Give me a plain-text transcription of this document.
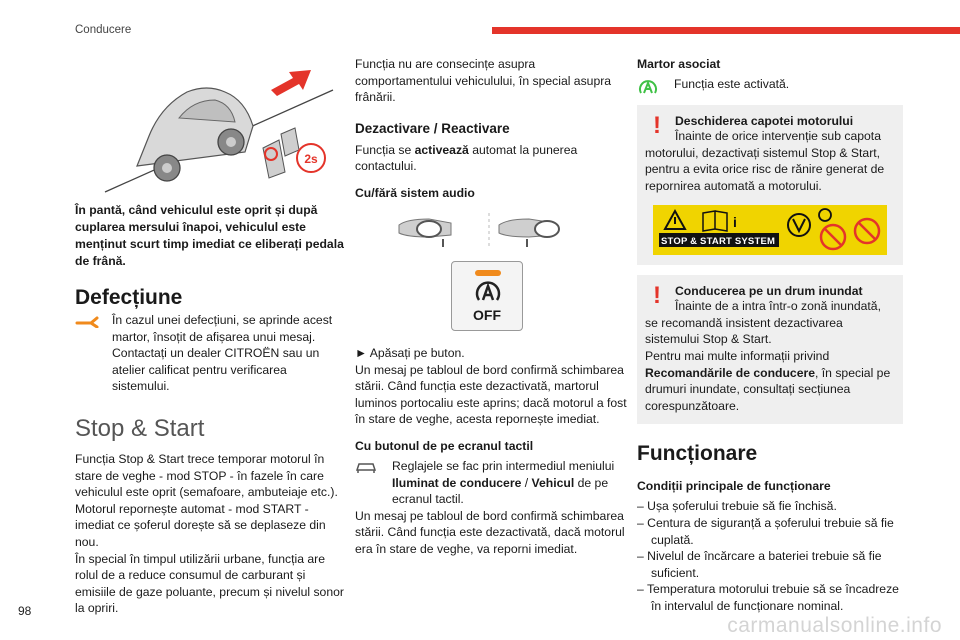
Conducere
98
carmanualsonline.info
2s

În pantă, când vehiculul este oprit și după cuplarea mersului înapoi, vehiculul este menținut scurt timp imediat ce eliberați pedala de frână.

Defecțiune

În cazul unei defecțiuni, se aprinde acest martor, însoțit de afișarea unui mesaj. Contactați un dealer CITROËN sau un atelier calificat pentru verificarea sistemului.

Stop & Start

Funcția Stop & Start trece temporar motorul în stare de veghe - mod STOP - în fazele în care vehiculul este oprit (semafoare, ambuteiaje etc.). Motorul repornește automat - mod START - imediat ce șoferul dorește să se deplaseze din nou.

În special în timpul utilizării urbane, funcția are rolul de a reduce consumul de carburant și emisiile de gaze poluante, precum și nivelul sonor la opriri.

Funcția nu are consecințe asupra comportamentului vehiculului, în special asupra frânării.

Dezactivare / Reactivare

Funcția se activează automat la punerea contactului.

Cu/fără sistem audio

OFF

► Apăsați pe buton.

Un mesaj pe tabloul de bord confirmă schimbarea stării. Când funcția este dezactivată, martorul luminos portocaliu este aprins; dacă motorul a fost în stare de veghe, acesta repornește imediat.

Cu butonul de pe ecranul tactil

Reglajele se fac prin intermediul meniului Iluminat de conducere / Vehicul de pe ecranul tactil.

Un mesaj pe tabloul de bord confirmă schimbarea stării. Când funcția este dezactivată, dacă motorul era în stare de veghe, va reporni imediat.

Martor asociat

Funcția este activată.
! Deschiderea capotei motorului

Înainte de orice intervenție sub capota motorului, dezactivați sistemul Stop & Start, pentru a evita orice risc de rănire generat de repornirea automată a motorului.

STOP & START SYSTEM
i
! Conducerea pe un drum inundat

Înainte de a intra într-o zonă inundată, se recomandă insistent dezactivarea sistemului Stop & Start.

Pentru mai multe informații privind Recomandările de conducere, în special pe drumuri inundate, consultați secțiunea corespunzătoare.

Funcționare

Condiții principale de funcționare

– Ușa șoferului trebuie să fie închisă.

– Centura de siguranță a șoferului trebuie să fie cuplată.

– Nivelul de încărcare a bateriei trebuie să fie suficient.

– Temperatura motorului trebuie să se încadreze în intervalul de funcționare nominal.
